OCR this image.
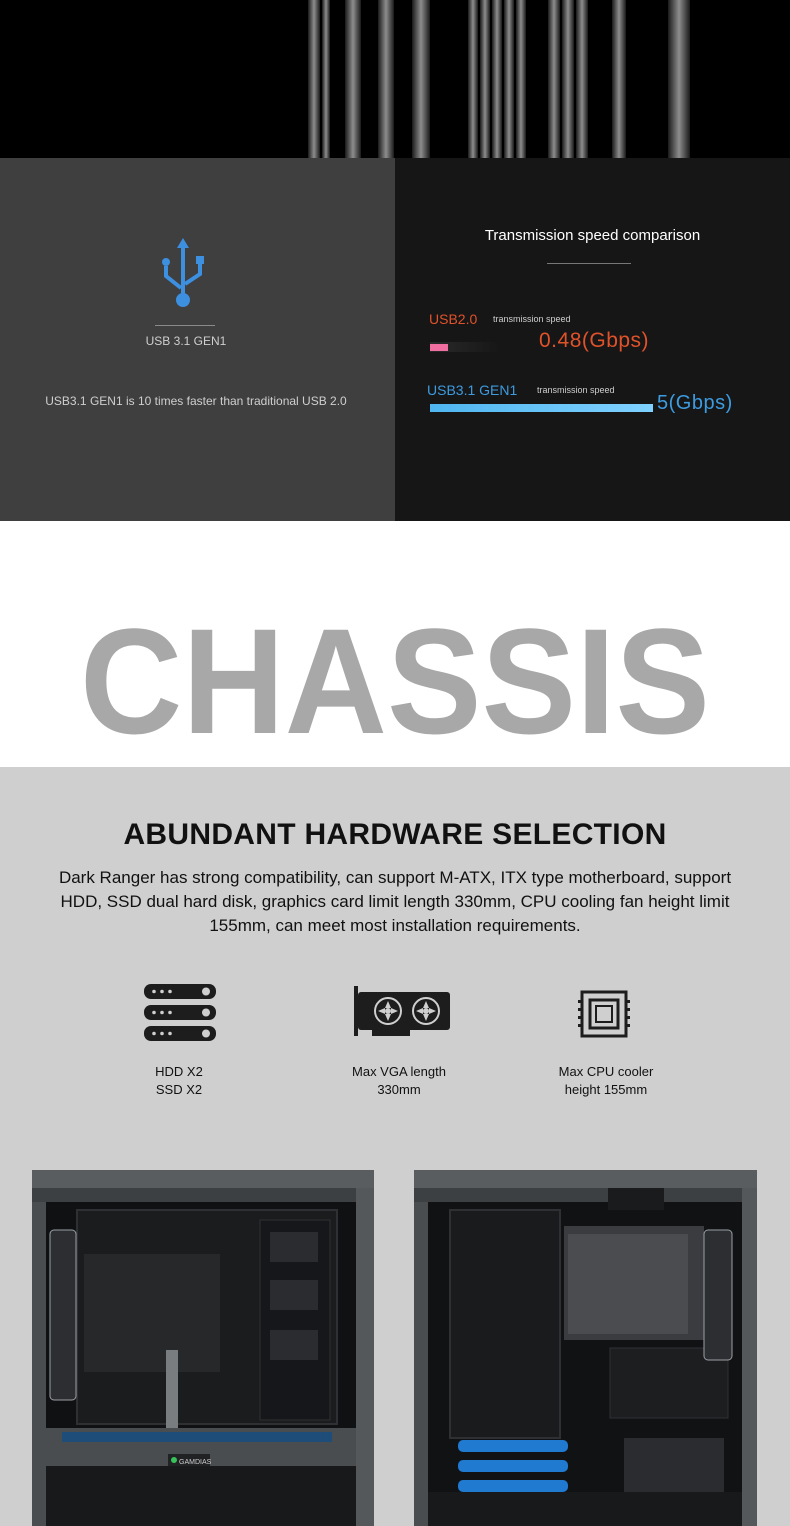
USB 3.1 GEN1
USB3.1 GEN1 is 10 times faster than traditional USB 2.0
Transmission speed comparison
USB2.0 transmission speed
0.48(Gbps)
USB3.1 GEN1 transmission speed
5(Gbps)
CHASSIS
ABUNDANT HARDWARE SELECTION
Dark Ranger has strong compatibility, can support M-ATX, ITX type motherboard, support HDD, SSD dual hard disk, graphics card limit length 330mm, CPU cooling fan height limit 155mm, can meet most installation requirements.
HDD X2
SSD X2
Max VGA length
330mm
Max CPU cooler
height 155mm
GAMDIAS
